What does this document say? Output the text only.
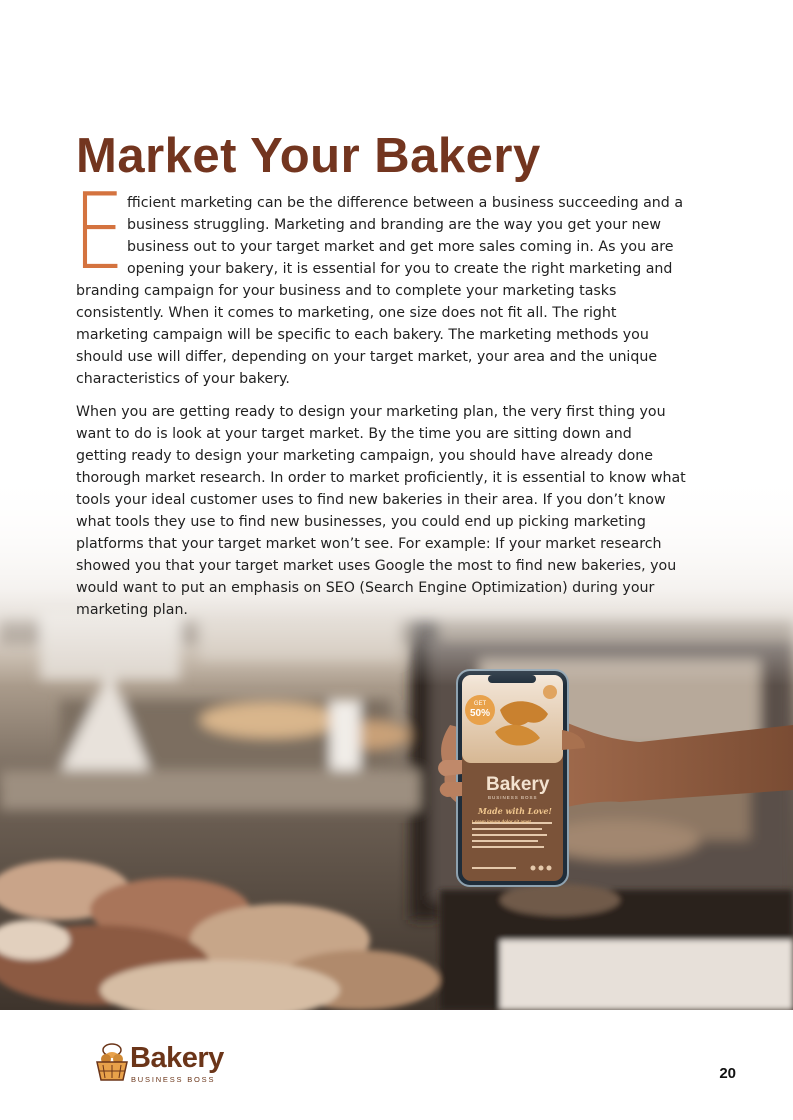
GET
50%
Bakery
BUSINESS BOSS
Made with Love!
Lorem ipsum dolor sit amet
Market Your Bakery

E fficient marketing can be the difference between a business succeeding and a business struggling. Marketing and branding are the way you get your new business out to your target market and get more sales coming in. As you are opening your bakery, it is essential for you to create the right marketing and branding campaign for your business and to complete your marketing tasks consistently. When it comes to marketing, one size does not fit all. The right marketing campaign will be specific to each bakery. The marketing methods you should use will differ, depending on your target market, your area and the unique characteristics of your bakery.

When you are getting ready to design your marketing plan, the very first thing you want to do is look at your target market. By the time you are sitting down and getting ready to design your marketing campaign, you should have already done thorough market research. In order to market proficiently, it is essential to know what tools your ideal customer uses to find new bakeries in their area. If you don’t know what tools they use to find new businesses, you could end up picking marketing platforms that your target market won’t see. For example: If your market research showed you that your target market uses Google the most to find new bakeries, you would want to put an emphasis on SEO (Search Engine Optimization) during your marketing plan.

Bakery
BUSINESS BOSS	20
